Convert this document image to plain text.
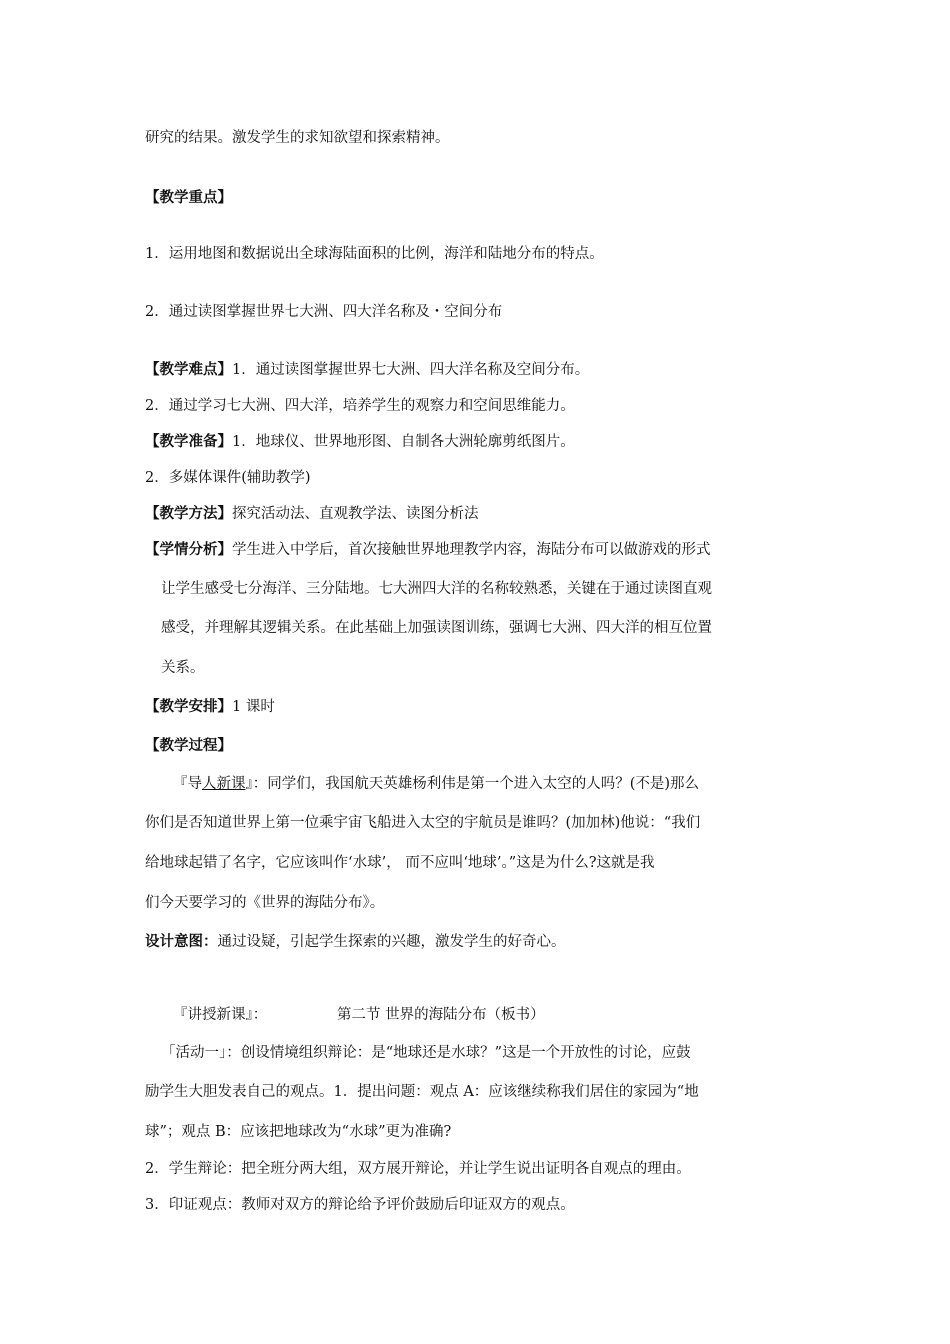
研究的结果。激发学生的求知欲望和探索精神。
【教学重点】
1．运用地图和数据说出全球海陆面积的比例，海洋和陆地分布的特点。
2．通过读图掌握世界七大洲、四大洋名称及・空间分布
【教学难点】1．通过读图掌握世界七大洲、四大洋名称及空间分布。
2．通过学习七大洲、四大洋，培养学生的观察力和空间思维能力。
【教学准备】1．地球仪、世界地形图、自制各大洲轮廓剪纸图片。
2．多媒体课件(辅助教学)
【教学方法】探究活动法、直观教学法、读图分析法
【学情分析】学生进入中学后，首次接触世界地理教学内容，海陆分布可以做游戏的形式
让学生感受七分海洋、三分陆地。七大洲四大洋的名称较熟悉，关键在于通过读图直观
感受，并理解其逻辑关系。在此基础上加强读图训练，强调七大洲、四大洋的相互位置
关系。
【教学安排】1 课时
【教学过程】
『导人新课』：同学们，我国航天英雄杨利伟是第一个进入太空的人吗？(不是)那么
你们是否知道世界上第一位乘宇宙飞船进入太空的宇航员是谁吗？(加加林)他说：“我们
给地球起错了名字，它应该叫作‘水球’， 而不应叫‘地球’。”这是为什么?这就是我
们今天要学习的《世界的海陆分布》。
设计意图：通过设疑，引起学生探索的兴趣，激发学生的好奇心。
『讲授新课』：	第二节 世界的海陆分布（板书）
「活动一」：创设情境组织辩论：是“地球还是水球？”这是一个开放性的讨论，应鼓
励学生大胆发表自己的观点。1．提出问题：观点 A：应该继续称我们居住的家园为“地
球”；观点 B：应该把地球改为“水球”更为准确?
2．学生辩论：把全班分两大组，双方展开辩论，并让学生说出证明各自观点的理由。
3．印证观点：教师对双方的辩论给予评价鼓励后印证双方的观点。
